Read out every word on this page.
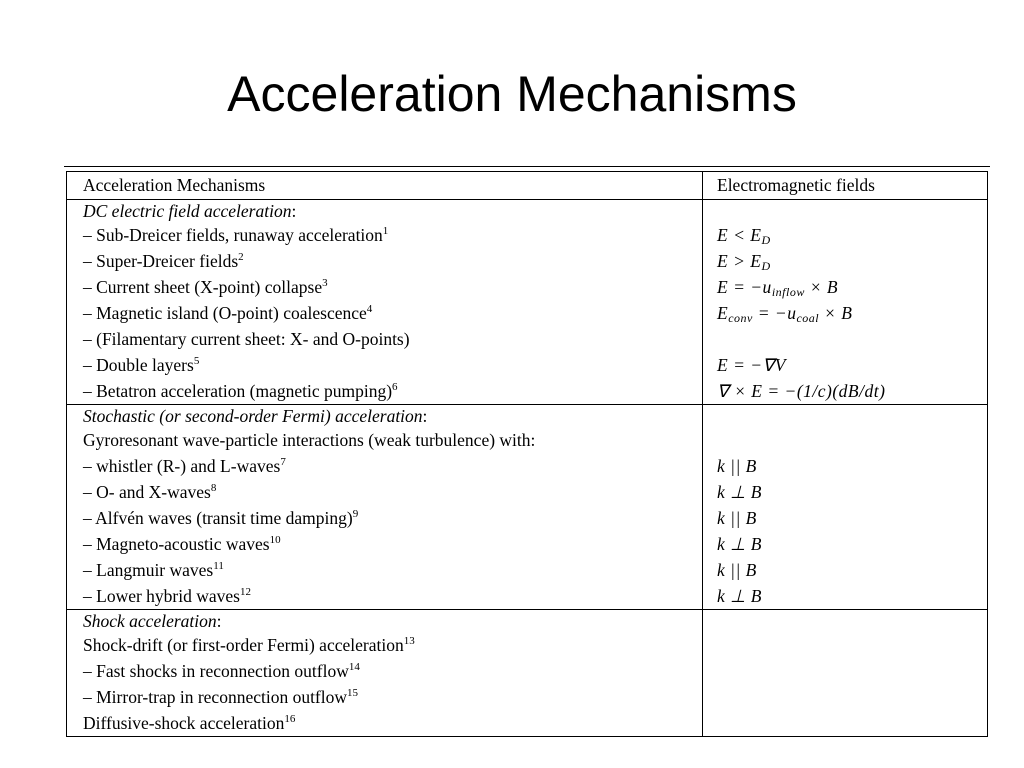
Acceleration Mechanisms
Acceleration Mechanisms	Electromagnetic fields
DC electric field acceleration:
– Sub-Dreicer fields, runaway acceleration$^1$
– Super-Dreicer fields$^2$
– Current sheet (X-point) collapse$^3$
– Magnetic island (O-point) coalescence$^4$
– (Filamentary current sheet: X- and O-points)
– Double layers$^5$
– Betatron acceleration (magnetic pumping)$^6$
$E < E_D$
$E > E_D$
$E = -u_{inflow} \times B$
$E_{conv} = -u_{coal} \times B$
E = −∇V
∇ × E = −(1/c)(dB/dt)
Stochastic (or second-order Fermi) acceleration:
Gyroresonant wave-particle interactions (weak turbulence) with:
– whistler (R-) and L-waves$^7$
– O- and X-waves$^8$
– Alfvén waves (transit time damping)$^9$
– Magneto-acoustic waves$^{10}$
– Langmuir waves$^{11}$
– Lower hybrid waves$^{12}$
k || B
k ⊥ B
k || B
k ⊥ B
k || B
k ⊥ B
Shock acceleration:
Shock-drift (or first-order Fermi) acceleration$^{13}$
– Fast shocks in reconnection outflow$^{14}$
– Mirror-trap in reconnection outflow$^{15}$
Diffusive-shock acceleration$^{16}$
